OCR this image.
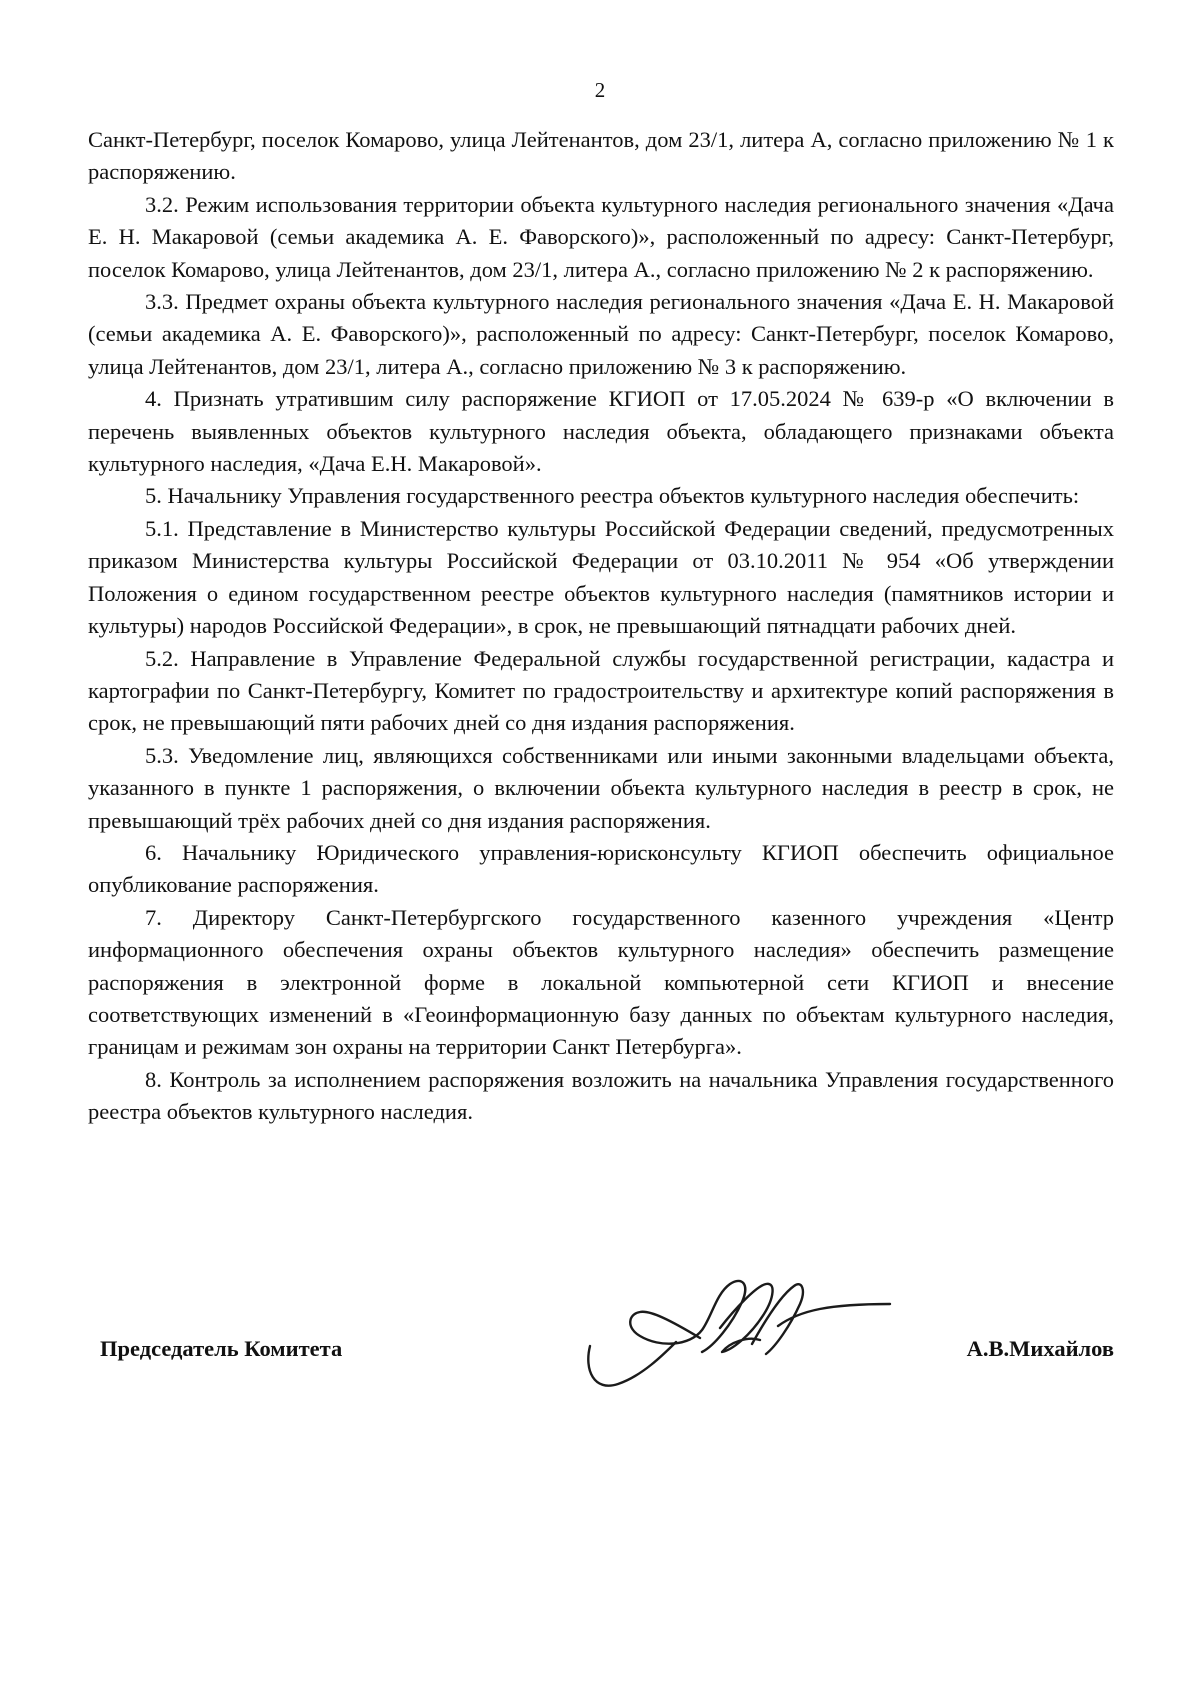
2

Санкт-Петербург, поселок Комарово, улица Лейтенантов, дом 23/1, литера А, согласно приложению № 1 к распоряжению.

3.2. Режим использования территории объекта культурного наследия регионального значения «Дача Е. Н. Макаровой (семьи академика А. Е. Фаворского)», расположенный по адресу: Санкт-Петербург, поселок Комарово, улица Лейтенантов, дом 23/1, литера А., согласно приложению № 2 к распоряжению.

3.3. Предмет охраны объекта культурного наследия регионального значения «Дача Е. Н. Макаровой (семьи академика А. Е. Фаворского)», расположенный по адресу: Санкт-Петербург, поселок Комарово, улица Лейтенантов, дом 23/1, литера А., согласно приложению № 3 к распоряжению.

4. Признать утратившим силу распоряжение КГИОП от 17.05.2024 № 639-р «О включении в перечень выявленных объектов культурного наследия объекта, обладающего признаками объекта культурного наследия, «Дача Е.Н. Макаровой».

5. Начальнику Управления государственного реестра объектов культурного наследия обеспечить:

5.1. Представление в Министерство культуры Российской Федерации сведений, предусмотренных приказом Министерства культуры Российской Федерации от 03.10.2011 № 954 «Об утверждении Положения о едином государственном реестре объектов культурного наследия (памятников истории и культуры) народов Российской Федерации», в срок, не превышающий пятнадцати рабочих дней.

5.2. Направление в Управление Федеральной службы государственной регистрации, кадастра и картографии по Санкт-Петербургу, Комитет по градостроительству и архитектуре копий распоряжения в срок, не превышающий пяти рабочих дней со дня издания распоряжения.

5.3. Уведомление лиц, являющихся собственниками или иными законными владельцами объекта, указанного в пункте 1 распоряжения, о включении объекта культурного наследия в реестр в срок, не превышающий трёх рабочих дней со дня издания распоряжения.

6. Начальнику Юридического управления-юрисконсульту КГИОП обеспечить официальное опубликование распоряжения.

7. Директору Санкт-Петербургского государственного казенного учреждения «Центр информационного обеспечения охраны объектов культурного наследия» обеспечить размещение распоряжения в электронной форме в локальной компьютерной сети КГИОП и внесение соответствующих изменений в «Геоинформационную базу данных по объектам культурного наследия, границам и режимам зон охраны на территории Санкт Петербурга».

8. Контроль за исполнением распоряжения возложить на начальника Управления государственного реестра объектов культурного наследия.

Председатель Комитета	А.В.Михайлов
